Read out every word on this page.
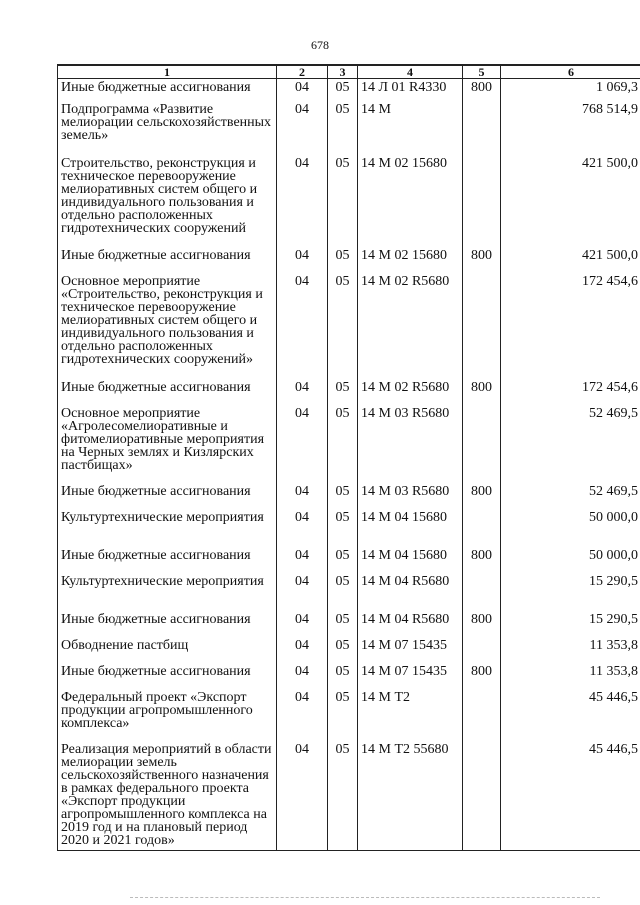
678
1	2	3	4	5	6
Иные бюджетные ассигнования	04	05	14 Л 01 R4330	800	1 069,3
Подпрограмма «Развитие мелиорации сельскохозяйственных земель»	04	05	14 М		768 514,9
Строительство, реконструкция и техническое перевооружение мелиоративных систем общего и индивидуального пользования и отдельно расположенных гидротехнических сооружений	04	05	14 М 02 15680		421 500,0
Иные бюджетные ассигнования	04	05	14 М 02 15680	800	421 500,0
Основное мероприятие «Строительство, реконструкция и техническое перевооружение мелиоративных систем общего и индивидуального пользования и отдельно расположенных гидротехнических сооружений»	04	05	14 М 02 R5680		172 454,6
Иные бюджетные ассигнования	04	05	14 М 02 R5680	800	172 454,6
Основное мероприятие «Агролесомелиоративные и фитомелиоративные мероприятия на Черных землях и Кизлярских пастбищах»	04	05	14 М 03 R5680		52 469,5
Иные бюджетные ассигнования	04	05	14 М 03 R5680	800	52 469,5
Культуртехнические мероприятия	04	05	14 М 04 15680		50 000,0
Иные бюджетные ассигнования	04	05	14 М 04 15680	800	50 000,0
Культуртехнические мероприятия	04	05	14 М 04 R5680		15 290,5
Иные бюджетные ассигнования	04	05	14 М 04 R5680	800	15 290,5
Обводнение пастбищ	04	05	14 М 07 15435		11 353,8
Иные бюджетные ассигнования	04	05	14 М 07 15435	800	11 353,8
Федеральный проект «Экспорт продукции агропромышленного комплекса»	04	05	14 М Т2		45 446,5
Реализация мероприятий в области мелиорации земель сельскохозяйственного назначения в рамках федерального проекта «Экспорт продукции агропромышленного комплекса на 2019 год и на плановый период 2020 и 2021 годов»	04	05	14 М Т2 55680		45 446,5
